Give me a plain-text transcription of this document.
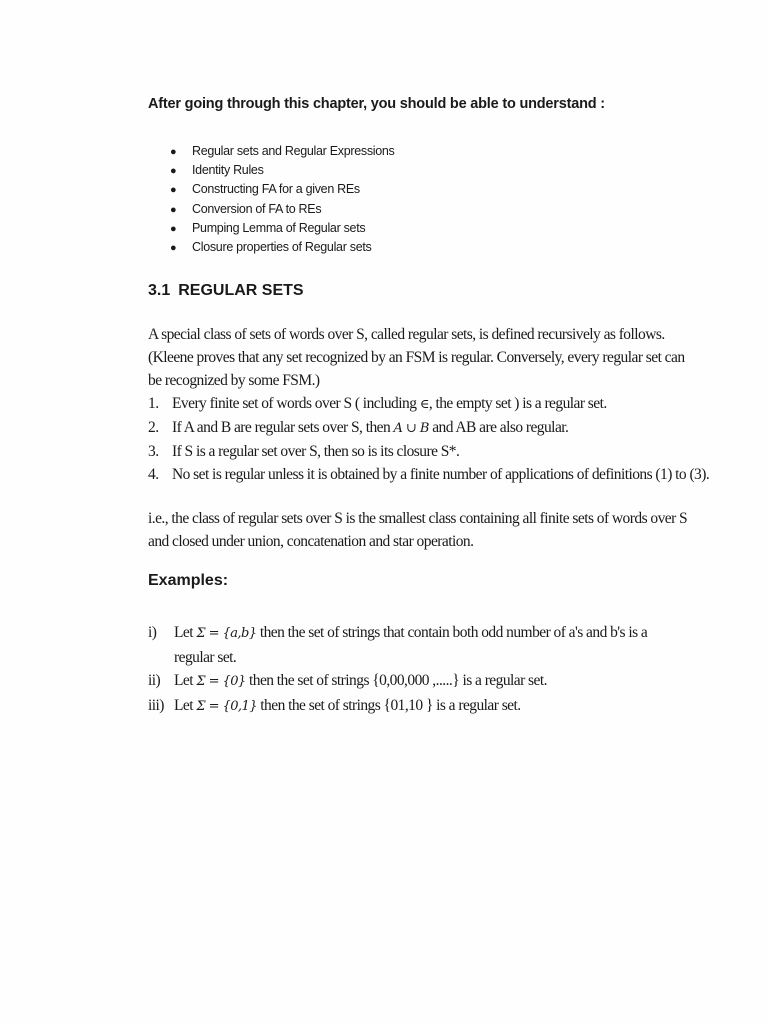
After going through this chapter, you should be able to understand :
● Regular sets and Regular Expressions
● Identity Rules
● Constructing FA for a given REs
● Conversion of FA to REs
● Pumping Lemma of Regular sets
● Closure properties of Regular sets
3.1 REGULAR SETS
A special class of sets of words over S, called regular sets, is defined recursively as follows.
(Kleene proves that any set recognized by an FSM is regular. Conversely, every regular set can
be recognized by some FSM.)
1. Every finite set of words over S ( including ∈, the empty set ) is a regular set.
2. If A and B are regular sets over S, then A ∪ B and AB are also regular.
3. If S is a regular set over S, then so is its closure S*.
4. No set is regular unless it is obtained by a finite number of applications of definitions (1) to (3).
i.e., the class of regular sets over S is the smallest class containing all finite sets of words over S
and closed under union, concatenation and star operation.
Examples:
i) Let Σ = {a,b} then the set of strings that contain both odd number of a's and b's is a
regular set.
ii) Let Σ = {0} then the set of strings {0,00,000 ,.....} is a regular set.
iii) Let Σ = {0,1} then the set of strings {01,10 } is a regular set.
